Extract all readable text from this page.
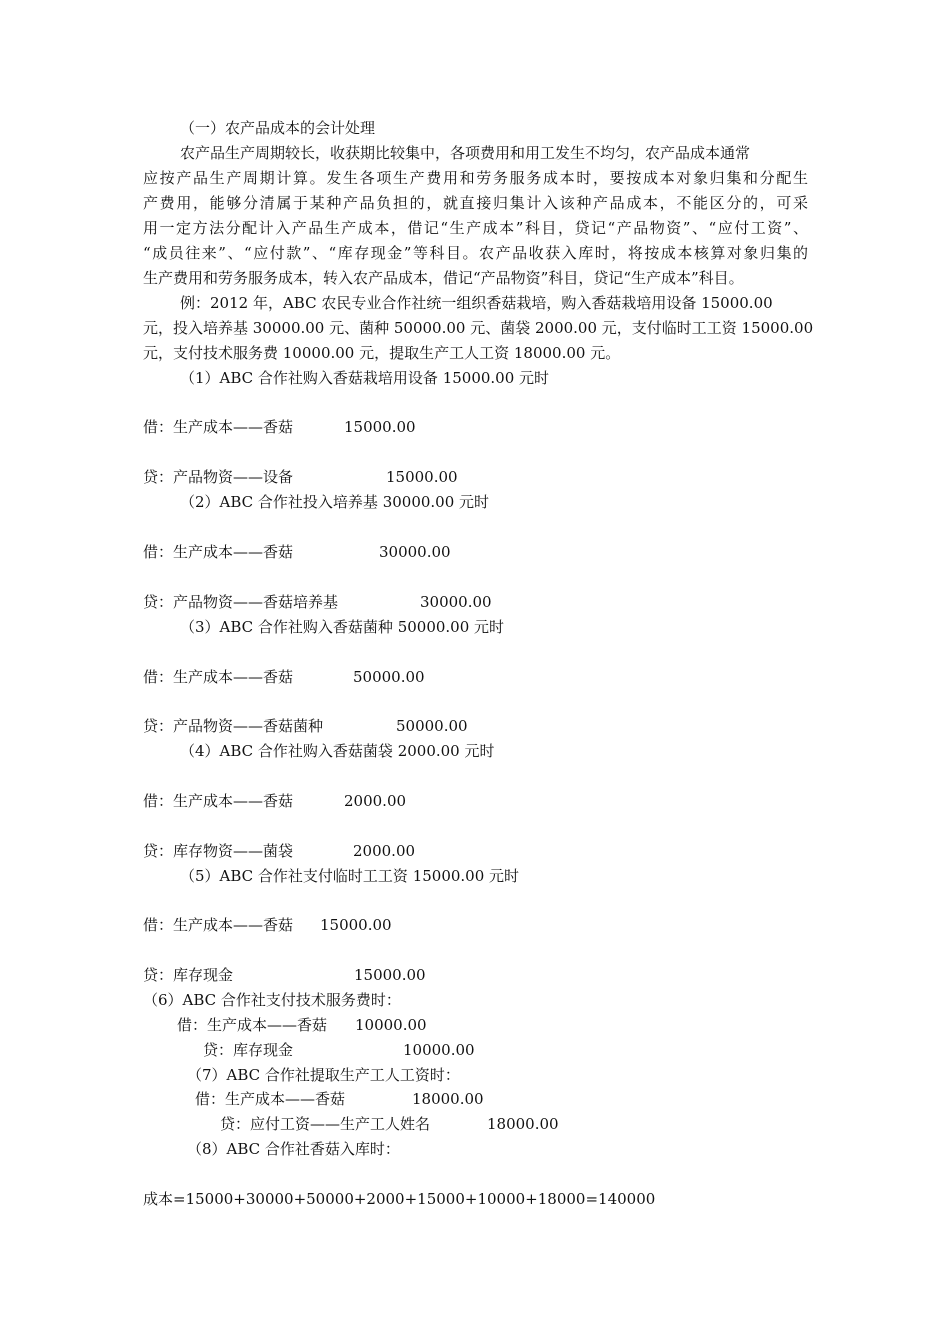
（一）农产品成本的会计处理
农产品生产周期较长，收获期比较集中，各项费用和用工发生不均匀，农产品成本通常
应按产品生产周期计算。发生各项生产费用和劳务服务成本时，要按成本对象归集和分配生
产费用，能够分清属于某种产品负担的，就直接归集计入该种产品成本，不能区分的，可采
用一定方法分配计入产品生产成本，借记“生产成本”科目，贷记“产品物资”、“应付工资”、
“成员往来”、“应付款”、“库存现金”等科目。农产品收获入库时，将按成本核算对象归集的
生产费用和劳务服务成本，转入农产品成本，借记“产品物资”科目，贷记“生产成本”科目。
例：2012 年，ABC 农民专业合作社统一组织香菇栽培，购入香菇栽培用设备 15000.00
元，投入培养基 30000.00 元、菌种 50000.00 元、菌袋 2000.00 元，支付临时工工资 15000.00
元，支付技术服务费 10000.00 元，提取生产工人工资 18000.00 元。
（1）ABC 合作社购入香菇栽培用设备 15000.00 元时
借：生产成本——香菇	15000.00
贷：产品物资——设备	15000.00
（2）ABC 合作社投入培养基 30000.00 元时
借：生产成本——香菇	30000.00
贷：产品物资——香菇培养基	30000.00
（3）ABC 合作社购入香菇菌种 50000.00 元时
借：生产成本——香菇	50000.00
贷：产品物资——香菇菌种	50000.00
（4）ABC 合作社购入香菇菌袋 2000.00 元时
借：生产成本——香菇	2000.00
贷：库存物资——菌袋	2000.00
（5）ABC 合作社支付临时工工资 15000.00 元时
借：生产成本——香菇 15000.00
贷：库存现金	15000.00
（6）ABC 合作社支付技术服务费时：
借：生产成本——香菇 10000.00
贷：库存现金	10000.00
（7）ABC 合作社提取生产工人工资时：
借：生产成本——香菇	18000.00
贷：应付工资——生产工人姓名	18000.00
（8）ABC 合作社香菇入库时：
成本=15000+30000+50000+2000+15000+10000+18000=140000
